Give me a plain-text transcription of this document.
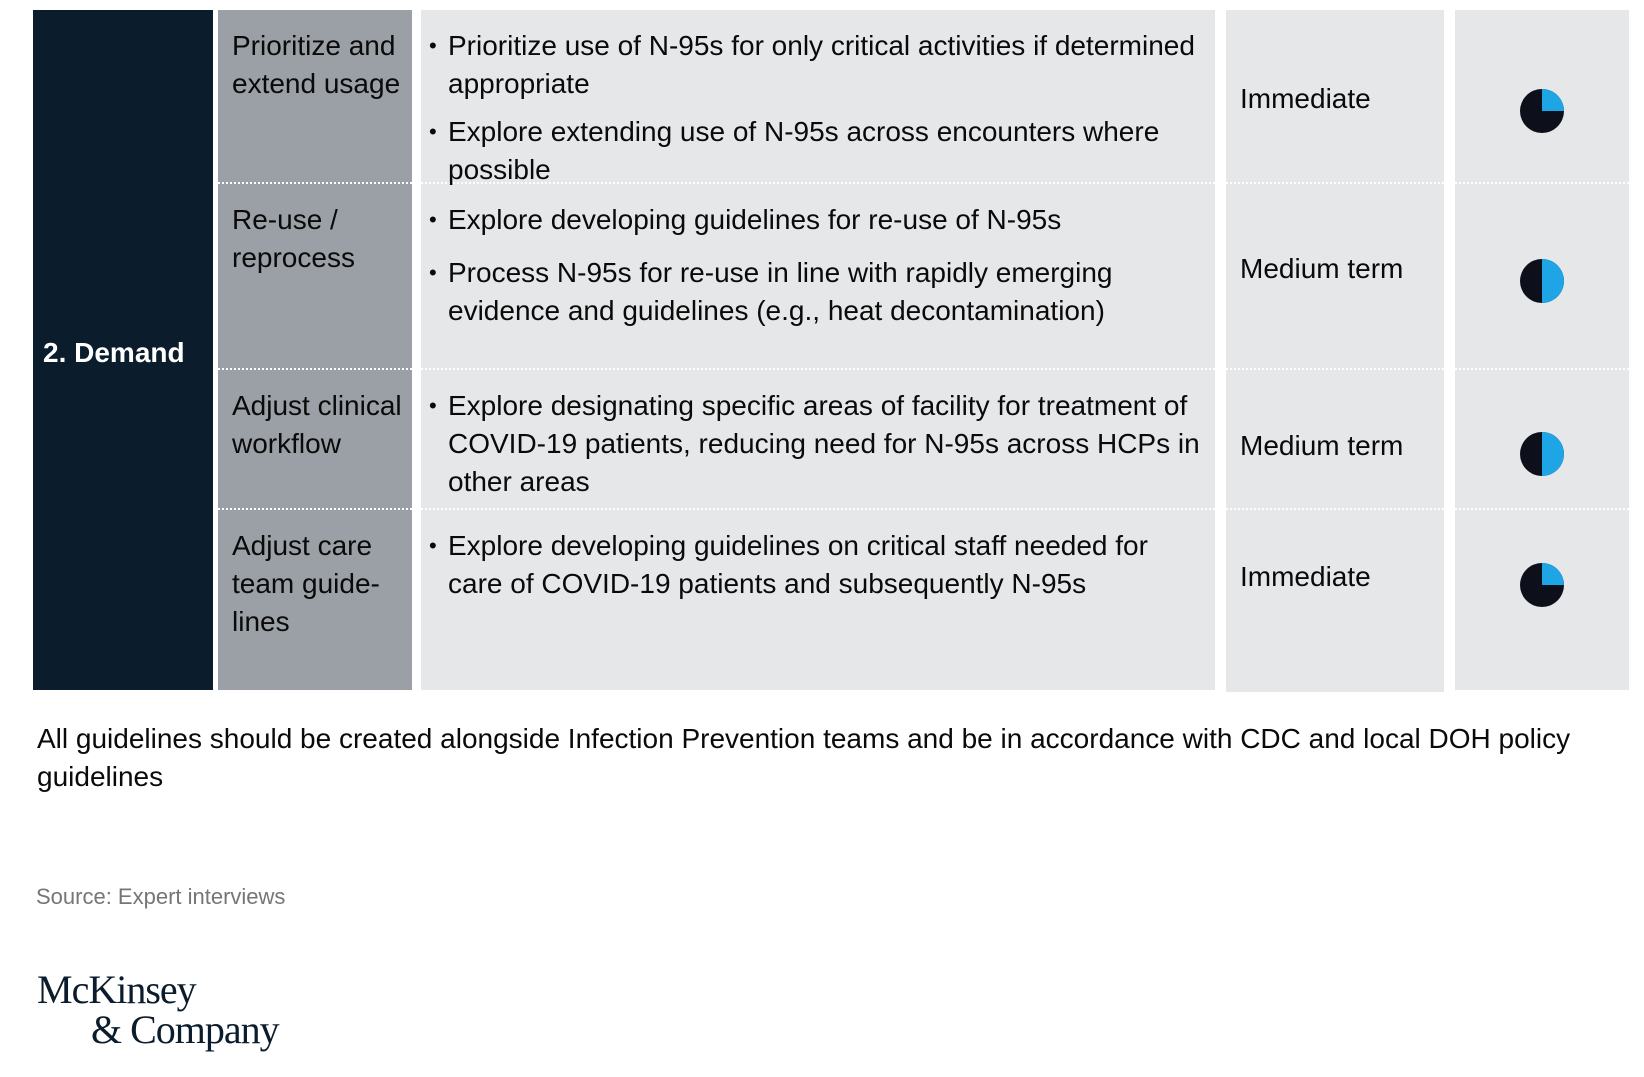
2. Demand

Prioritize and extend usage

Re-use / reprocess

Adjust clinical workflow

Adjust care team guide-lines

• Prioritize use of N-95s for only critical activities if determined appropriate
• Explore extending use of N-95s across encounters where possible
• Explore developing guidelines for re-use of N-95s
• Process N-95s for re-use in line with rapidly emerging evidence and guidelines (e.g., heat decontamination)
• Explore designating specific areas of facility for treatment of COVID-19 patients, reducing need for N-95s across HCPs in other areas
• Explore developing guidelines on critical staff needed for care of COVID-19 patients and subsequently N-95s

Immediate

Medium term

Medium term

Immediate

All guidelines should be created alongside Infection Prevention teams and be in accordance with CDC and local DOH policy guidelines

Source: Expert interviews

McKinsey
& Company
